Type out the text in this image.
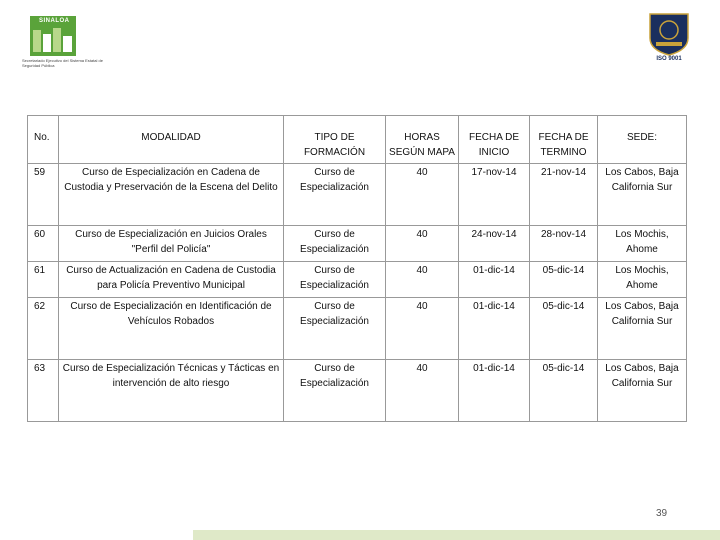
SINALOA
Secretariado Ejecutivo del Sistema Estatal de Seguridad Pública
ISO 9001
No.	MODALIDAD	TIPO DE FORMACIÓN	HORAS SEGÚN MAPA	FECHA DE INICIO	FECHA DE TERMINO	SEDE:
59	Curso de Especialización en Cadena de Custodia y Preservación de la Escena del Delito	Curso de Especialización	40	17-nov-14	21-nov-14	Los Cabos, Baja California Sur
60	Curso de Especialización en Juicios Orales "Perfil del Policía"	Curso de Especialización	40	24-nov-14	28-nov-14	Los Mochis, Ahome
61	Curso de Actualización en Cadena de Custodia para Policía Preventivo Municipal	Curso de Especialización	40	01-dic-14	05-dic-14	Los Mochis, Ahome
62	Curso de Especialización en Identificación de Vehículos Robados	Curso de Especialización	40	01-dic-14	05-dic-14	Los Cabos, Baja California Sur
63	Curso de Especialización Técnicas y Tácticas en intervención de alto riesgo	Curso de Especialización	40	01-dic-14	05-dic-14	Los Cabos, Baja California Sur
39
